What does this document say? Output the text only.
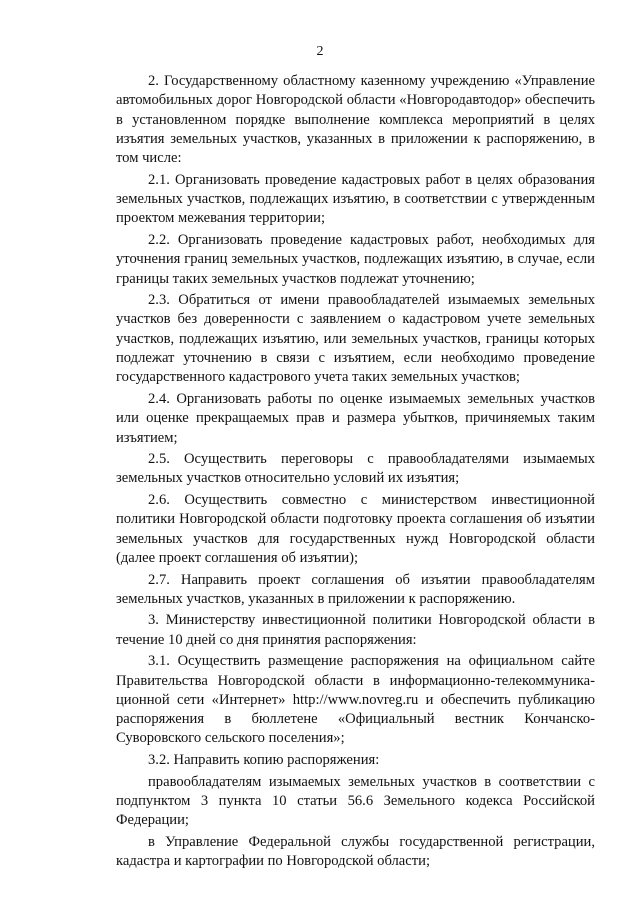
2

2. Государственному областному казенному учреждению «Управление автомобильных дорог Новгородской области «Новгородавтодор» обеспечить в установленном порядке выполнение комплекса мероприятий в целях изъятия земельных участков, указанных в приложении к распоряжению, в том числе:

2.1. Организовать проведение кадастровых работ в целях образования земельных участков, подлежащих изъятию, в соответствии с утвержденным проектом межевания территории;

2.2. Организовать проведение кадастровых работ, необходимых для уточнения границ земельных участков, подлежащих изъятию, в случае, если границы таких земельных участков подлежат уточнению;

2.3. Обратиться от имени правообладателей изымаемых земельных участков без доверенности с заявлением о кадастровом учете земельных участков, подлежащих изъятию, или земельных участков, границы которых подлежат уточнению в связи с изъятием, если необходимо проведение государственного кадастрового учета таких земельных участков;

2.4. Организовать работы по оценке изымаемых земельных участков или оценке прекращаемых прав и размера убытков, причиняемых таким изъятием;

2.5. Осуществить переговоры с правообладателями изымаемых земельных участков относительно условий их изъятия;

2.6. Осуществить совместно с министерством инвестиционной политики Новгородской области подготовку проекта соглашения об изъятии земельных участков для государственных нужд Новгородской области (далее проект соглашения об изъятии);

2.7. Направить проект соглашения об изъятии правообладателям земельных участков, указанных в приложении к распоряжению.

3. Министерству инвестиционной политики Новгородской области в течение 10 дней со дня принятия распоряжения:

3.1. Осуществить размещение распоряжения на официальном сайте Правительства Новгородской области в информационно-телекоммуникационной сети «Интернет» http://www.novreg.ru и обеспечить публикацию распоряжения в бюллетене «Официальный вестник Кончанско-Суворовского сельского поселения»;

3.2. Направить копию распоряжения:

правообладателям изымаемых земельных участков в соответствии с подпунктом 3 пункта 10 статьи 56.6 Земельного кодекса Российской Федерации;

в Управление Федеральной службы государственной регистрации, кадастра и картографии по Новгородской области;
